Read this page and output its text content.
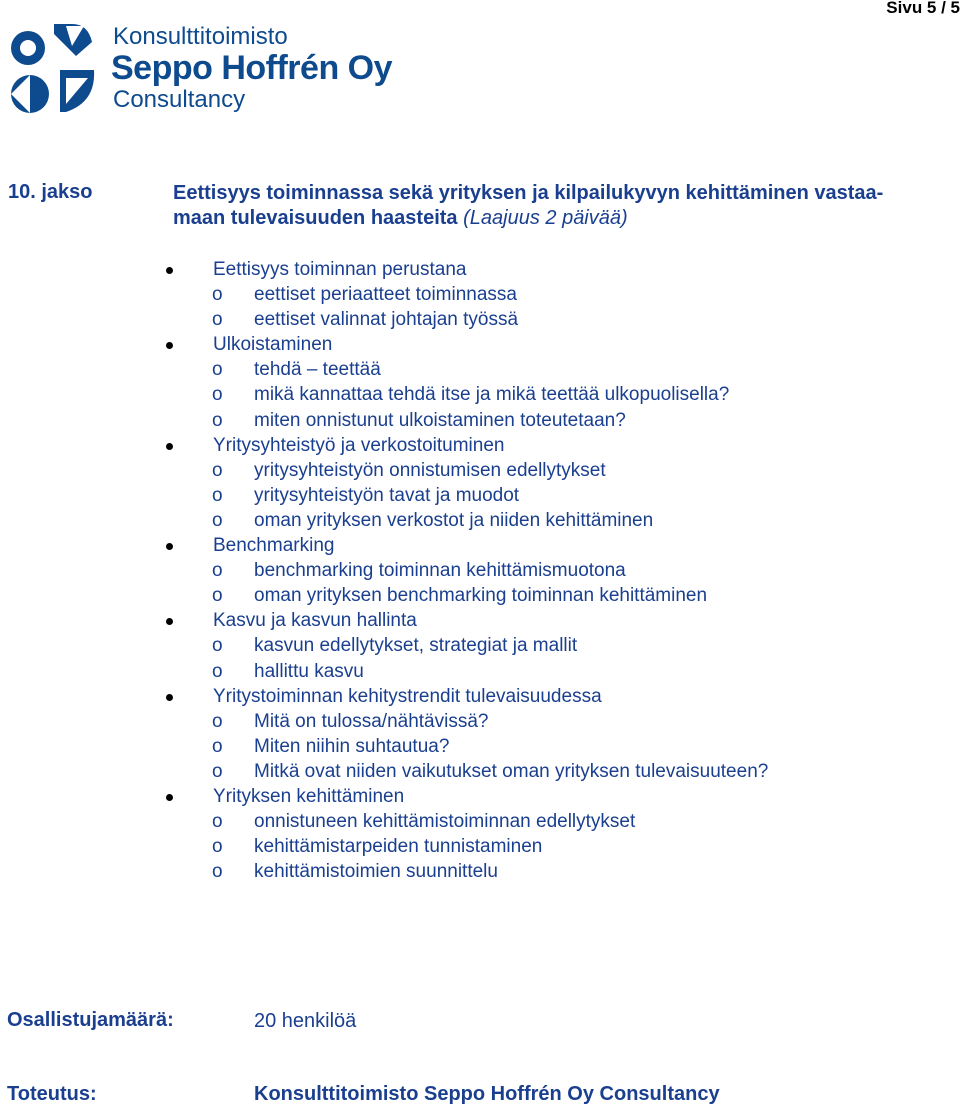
Sivu 5 / 5
Konsulttitoimisto
Seppo Hoffrén Oy
Consultancy
10. jakso	Eettisyys toiminnassa sekä yrityksen ja kilpailukyvyn kehittäminen vastaa-
maan tulevaisuuden haasteita (Laajuus 2 päivää)
Eettisyys toiminnan perustana
o eettiset periaatteet toiminnassa
o eettiset valinnat johtajan työssä
Ulkoistaminen
o tehdä – teettää
o mikä kannattaa tehdä itse ja mikä teettää ulkopuolisella?
o miten onnistunut ulkoistaminen toteutetaan?
Yritysyhteistyö ja verkostoituminen
o yritysyhteistyön onnistumisen edellytykset
o yritysyhteistyön tavat ja muodot
o oman yrityksen verkostot ja niiden kehittäminen
Benchmarking
o benchmarking toiminnan kehittämismuotona
o oman yrityksen benchmarking toiminnan kehittäminen
Kasvu ja kasvun hallinta
o kasvun edellytykset, strategiat ja mallit
o hallittu kasvu
Yritystoiminnan kehitystrendit tulevaisuudessa
o Mitä on tulossa/nähtävissä?
o Miten niihin suhtautua?
o Mitkä ovat niiden vaikutukset oman yrityksen tulevaisuuteen?
Yrityksen kehittäminen
o onnistuneen kehittämistoiminnan edellytykset
o kehittämistarpeiden tunnistaminen
o kehittämistoimien suunnittelu
Osallistujamäärä:	20 henkilöä
Toteutus:	Konsulttitoimisto Seppo Hoffrén Oy Consultancy
